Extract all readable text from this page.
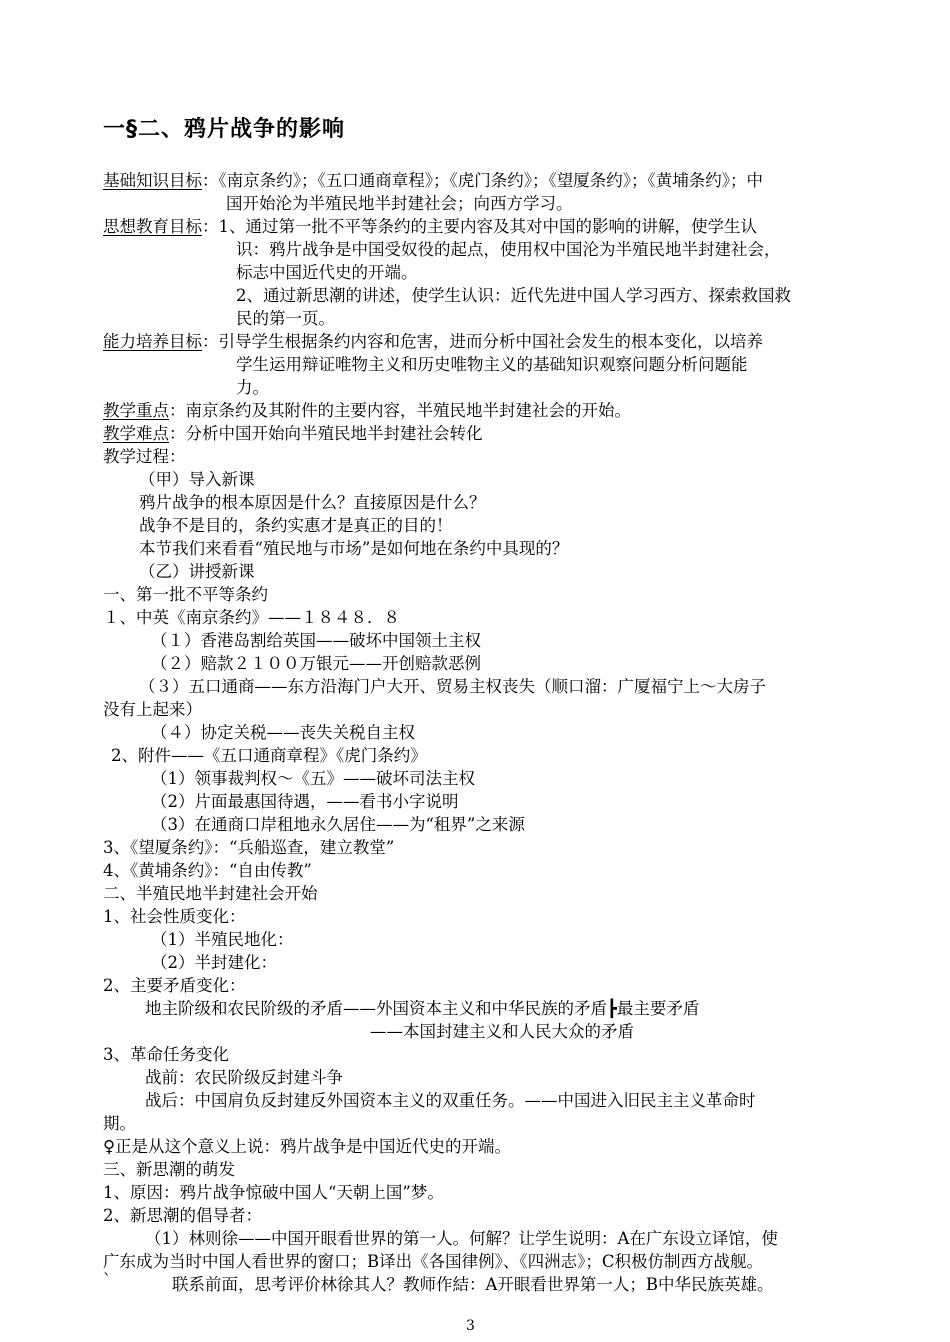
一§二、鸦片战争的影响
基础知识目标：《南京条约》；《五口通商章程》；《虎门条约》；《望厦条约》；《黄埔条约》；中
国开始沦为半殖民地半封建社会；向西方学习。
思想教育目标：1、通过第一批不平等条约的主要内容及其对中国的影响的讲解，使学生认
识：鸦片战争是中国受奴役的起点，使用权中国沦为半殖民地半封建社会，
标志中国近代史的开端。
2、通过新思潮的讲述，使学生认识：近代先进中国人学习西方、探索救国救
民的第一页。
能力培养目标：引导学生根据条约内容和危害，进而分析中国社会发生的根本变化，以培养
学生运用辩证唯物主义和历史唯物主义的基础知识观察问题分析问题能
力。
教学重点：南京条约及其附件的主要内容，半殖民地半封建社会的开始。
教学难点：分析中国开始向半殖民地半封建社会转化
教学过程：
（甲）导入新课
鸦片战争的根本原因是什么？直接原因是什么？
战争不是目的，条约实惠才是真正的目的！
本节我们来看看“殖民地与市场”是如何地在条约中具现的？
（乙）讲授新课
一、第一批不平等条约
１、中英《南京条约》——１８４８．８
（１）香港岛割给英国——破坏中国领土主权
（２）赔款２１００万银元——开创赔款恶例
（３）五口通商——东方沿海门户大开、贸易主权丧失（顺口溜：广厦福宁上～大房子
没有上起来）
（４）协定关税——丧失关税自主权
2、附件——《五口通商章程》《虎门条约》
（1）领事裁判权～《五》——破坏司法主权
（2）片面最惠国待遇，——看书小字说明
（3）在通商口岸租地永久居住——为“租界”之来源
3、《望厦条约》：“兵船巡查，建立教堂”
4、《黄埔条约》：“自由传教”
二、半殖民地半封建社会开始
1、社会性质变化：
（1）半殖民地化：
（2）半封建化：
2、主要矛盾变化：
地主阶级和农民阶级的矛盾——外国资本主义和中华民族的矛盾┣最主要矛盾
——本国封建主义和人民大众的矛盾
3、革命任务变化
战前：农民阶级反封建斗争
战后：中国肩负反封建反外国资本主义的双重任务。——中国进入旧民主主义革命时
期。
♀正是从这个意义上说：鸦片战争是中国近代史的开端。
三、新思潮的萌发
1、原因：鸦片战争惊破中国人“天朝上国”梦。
2、新思潮的倡导者：
（1）林则徐——中国开眼看世界的第一人。何解？让学生说明：A在广东设立译馆，使
广东成为当时中国人看世界的窗口；B译出《各国律例》、《四洲志》；C积极仿制西方战舰。
`	联系前面，思考评价林徐其人？教师作結：A开眼看世界第一人；B中华民族英雄。
3
